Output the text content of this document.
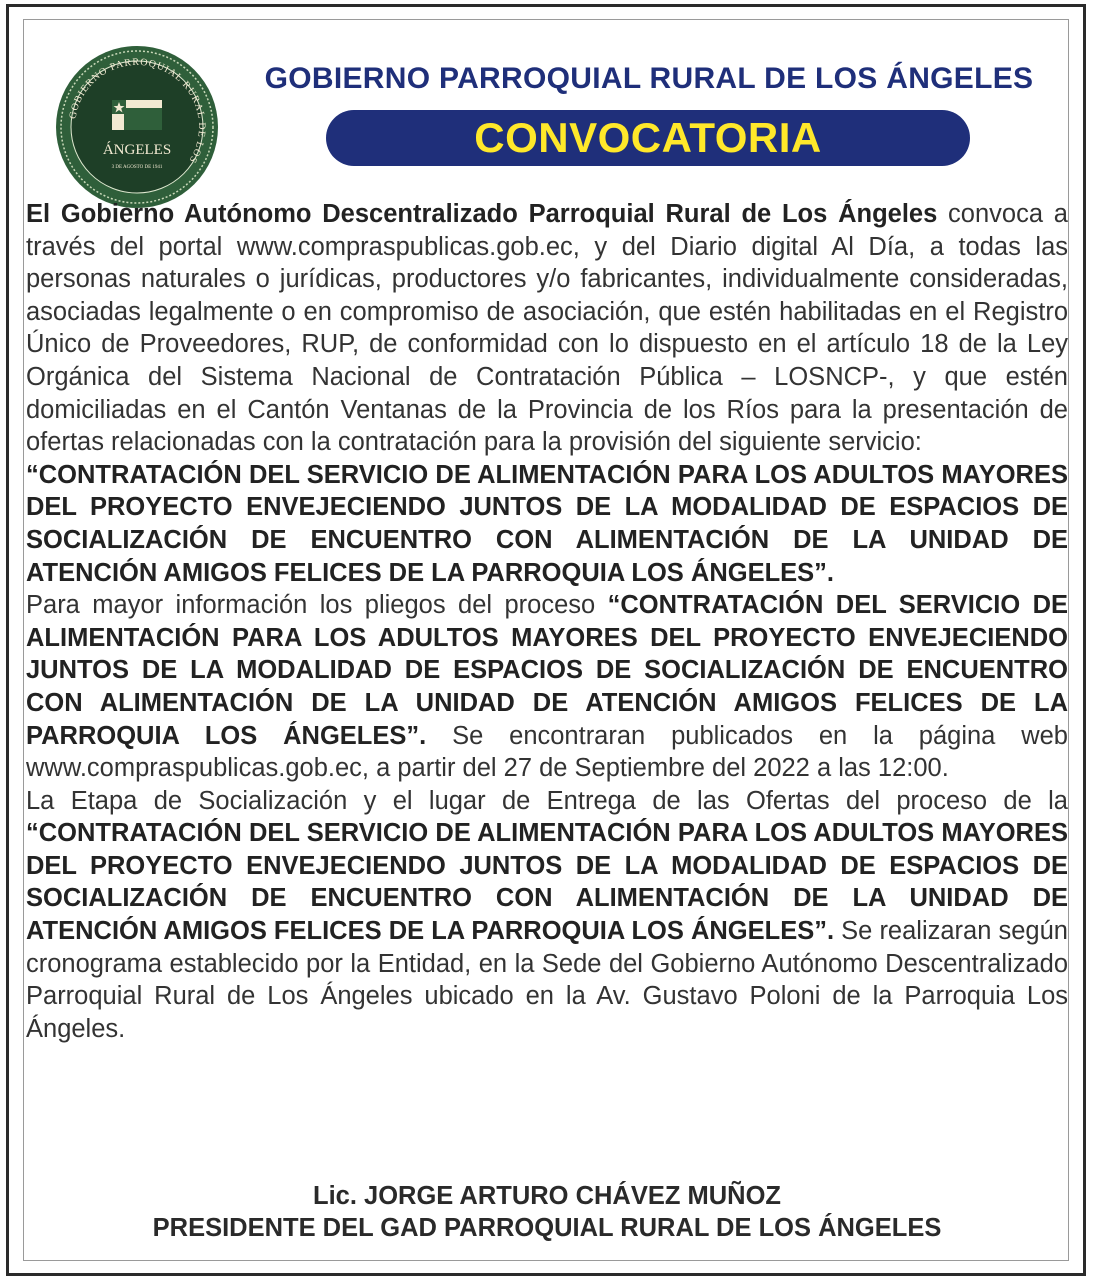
GOBIERNO PARROQUIAL RURAL DE LOS
ÁNGELES
3 DE AGOSTO DE 1941
GOBIERNO PARROQUIAL RURAL DE LOS ÁNGELES
CONVOCATORIA

El Gobierno Autónomo Descentralizado Parroquial Rural de Los Ángeles convoca a través del portal www.compraspublicas.gob.ec, y del Diario digital Al Día, a todas las personas naturales o jurídicas, productores y/o fabricantes, individualmente consideradas, asociadas legalmente o en compromiso de asociación, que estén habilitadas en el Registro Único de Proveedores, RUP, de conformidad con lo dispuesto en el artículo 18 de la Ley Orgánica del Sistema Nacional de Contratación Pública – LOSNCP-, y que estén domiciliadas en el Cantón Ventanas de la Provincia de los Ríos para la presentación de ofertas relacionadas con la contratación para la provisión del siguiente servicio:

“CONTRATACIÓN DEL SERVICIO DE ALIMENTACIÓN PARA LOS ADULTOS MAYORES DEL PROYECTO ENVEJECIENDO JUNTOS DE LA MODALIDAD DE ESPACIOS DE SOCIALIZACIÓN DE ENCUENTRO CON ALIMENTACIÓN DE LA UNIDAD DE ATENCIÓN AMIGOS FELICES DE LA PARROQUIA LOS ÁNGELES”.

Para mayor información los pliegos del proceso “CONTRATACIÓN DEL SERVICIO DE ALIMENTACIÓN PARA LOS ADULTOS MAYORES DEL PROYECTO ENVEJECIENDO JUNTOS DE LA MODALIDAD DE ESPACIOS DE SOCIALIZACIÓN DE ENCUENTRO CON ALIMENTACIÓN DE LA UNIDAD DE ATENCIÓN AMIGOS FELICES DE LA PARROQUIA LOS ÁNGELES”. Se encontraran publicados en la página web www.compraspublicas.gob.ec, a partir del 27 de Septiembre del 2022 a las 12:00.

La Etapa de Socialización y el lugar de Entrega de las Ofertas del proceso de la “CONTRATACIÓN DEL SERVICIO DE ALIMENTACIÓN PARA LOS ADULTOS MAYORES DEL PROYECTO ENVEJECIENDO JUNTOS DE LA MODALIDAD DE ESPACIOS DE SOCIALIZACIÓN DE ENCUENTRO CON ALIMENTACIÓN DE LA UNIDAD DE ATENCIÓN AMIGOS FELICES DE LA PARROQUIA LOS ÁNGELES”. Se realizaran según cronograma establecido por la Entidad, en la Sede del Gobierno Autónomo Descentralizado Parroquial Rural de Los Ángeles ubicado en la Av. Gustavo Poloni de la Parroquia Los Ángeles.

Lic. JORGE ARTURO CHÁVEZ MUÑOZ
PRESIDENTE DEL GAD PARROQUIAL RURAL DE LOS ÁNGELES
